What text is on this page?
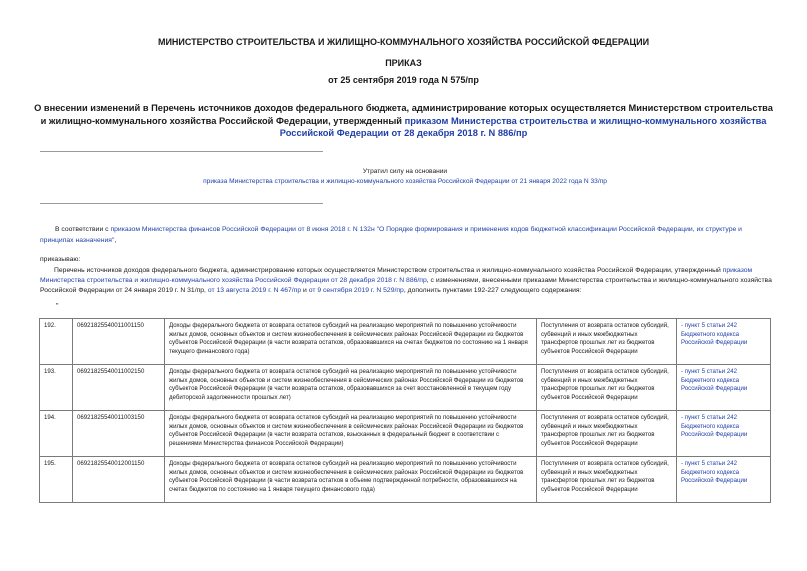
МИНИСТЕРСТВО СТРОИТЕЛЬСТВА И ЖИЛИЩНО-КОММУНАЛЬНОГО ХОЗЯЙСТВА РОССИЙСКОЙ ФЕДЕРАЦИИ
ПРИКАЗ
от 25 сентября 2019 года N 575/пр
О внесении изменений в Перечень источников доходов федерального бюджета, администрирование которых осуществляется Министерством строительства и жилищно-коммунального хозяйства Российской Федерации, утвержденный приказом Министерства строительства и жилищно-коммунального хозяйства Российской Федерации от 28 декабря 2018 г. N 886/пр
Утратил силу на основании
приказа Министерства строительства и жилищно-коммунального хозяйства Российской Федерации от 21 января 2022 года N 33/пр
В соответствии с приказом Министерства финансов Российской Федерации от 8 июня 2018 г. N 132н "О Порядке формирования и применения кодов бюджетной классификации Российской Федерации, их структуре и принципах назначения",
приказываю:
Перечень источников доходов федерального бюджета, администрирование которых осуществляется Министерством строительства и жилищно-коммунального хозяйства Российской Федерации, утвержденный приказом Министерства строительства и жилищно-коммунального хозяйства Российской Федерации от 28 декабря 2018 г. N 886/пр, с изменениями, внесенными приказами Министерства строительства и жилищно-коммунального хозяйства Российской Федерации от 24 января 2019 г. N 31/пр, от 13 августа 2019 г. N 467/пр и от 9 сентября 2019 г. N 529/пр, дополнить пунктами 192-227 следующего содержания:
"
192.	06921825540011001150	Доходы федерального бюджета от возврата остатков субсидий на реализацию мероприятий по повышению устойчивости жилых домов, основных объектов и систем жизнеобеспечения в сейсмических районах Российской Федерации из бюджетов субъектов Российской Федерации (в части возврата остатков, образовавшихся на счетах бюджетов по состоянию на 1 января текущего финансового года)	Поступления от возврата остатков субсидий, субвенций и иных межбюджетных трансфертов прошлых лет из бюджетов субъектов Российской Федерации	- пункт 5 статьи 242 Бюджетного кодекса Российской Федерации
193.	06921825540011002150	Доходы федерального бюджета от возврата остатков субсидий на реализацию мероприятий по повышению устойчивости жилых домов, основных объектов и систем жизнеобеспечения в сейсмических районах Российской Федерации из бюджетов субъектов Российской Федерации (в части возврата остатков, образовавшихся за счет восстановленной в текущем году дебиторской задолженности прошлых лет)	Поступления от возврата остатков субсидий, субвенций и иных межбюджетных трансфертов прошлых лет из бюджетов субъектов Российской Федерации	- пункт 5 статьи 242 Бюджетного кодекса Российской Федерации
194.	06921825540011003150	Доходы федерального бюджета от возврата остатков субсидий на реализацию мероприятий по повышению устойчивости жилых домов, основных объектов и систем жизнеобеспечения в сейсмических районах Российской Федерации из бюджетов субъектов Российской Федерации (в части возврата остатков, взысканных в федеральный бюджет в соответствии с решениями Министерства финансов Российской Федерации)	Поступления от возврата остатков субсидий, субвенций и иных межбюджетных трансфертов прошлых лет из бюджетов субъектов Российской Федерации	- пункт 5 статьи 242 Бюджетного кодекса Российской Федерации
195.	06921825540012001150	Доходы федерального бюджета от возврата остатков субсидий на реализацию мероприятий по повышению устойчивости жилых домов, основных объектов и систем жизнеобеспечения в сейсмических районах Российской Федерации из бюджетов субъектов Российской Федерации (в части возврата остатков в объеме подтвержденной потребности, образовавшихся на счетах бюджетов по состоянию на 1 января текущего финансового года)	Поступления от возврата остатков субсидий, субвенций и иных межбюджетных трансфертов прошлых лет из бюджетов субъектов Российской Федерации	- пункт 5 статьи 242 Бюджетного кодекса Российской Федерации
